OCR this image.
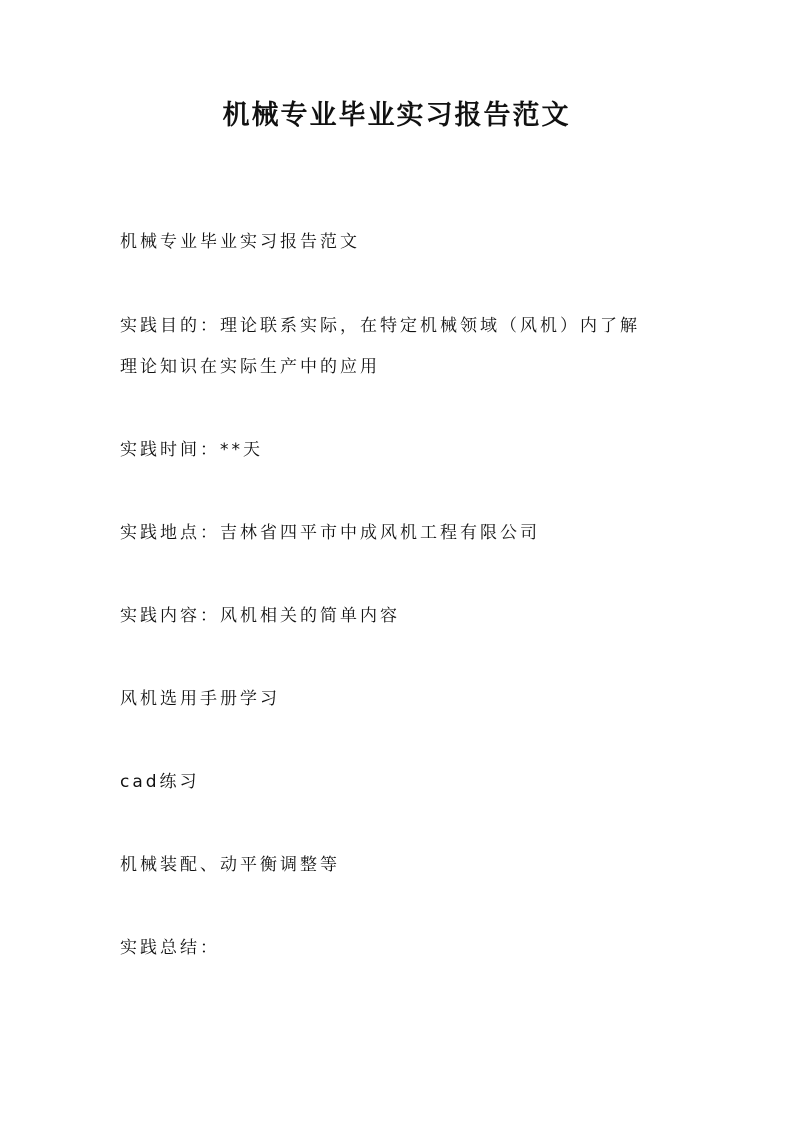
机械专业毕业实习报告范文

机械专业毕业实习报告范文

实践目的：理论联系实际，在特定机械领域（风机）内了解

理论知识在实际生产中的应用

实践时间：**天

实践地点：吉林省四平市中成风机工程有限公司

实践内容：风机相关的简单内容

风机选用手册学习

cad练习

机械装配、动平衡调整等

实践总结：
